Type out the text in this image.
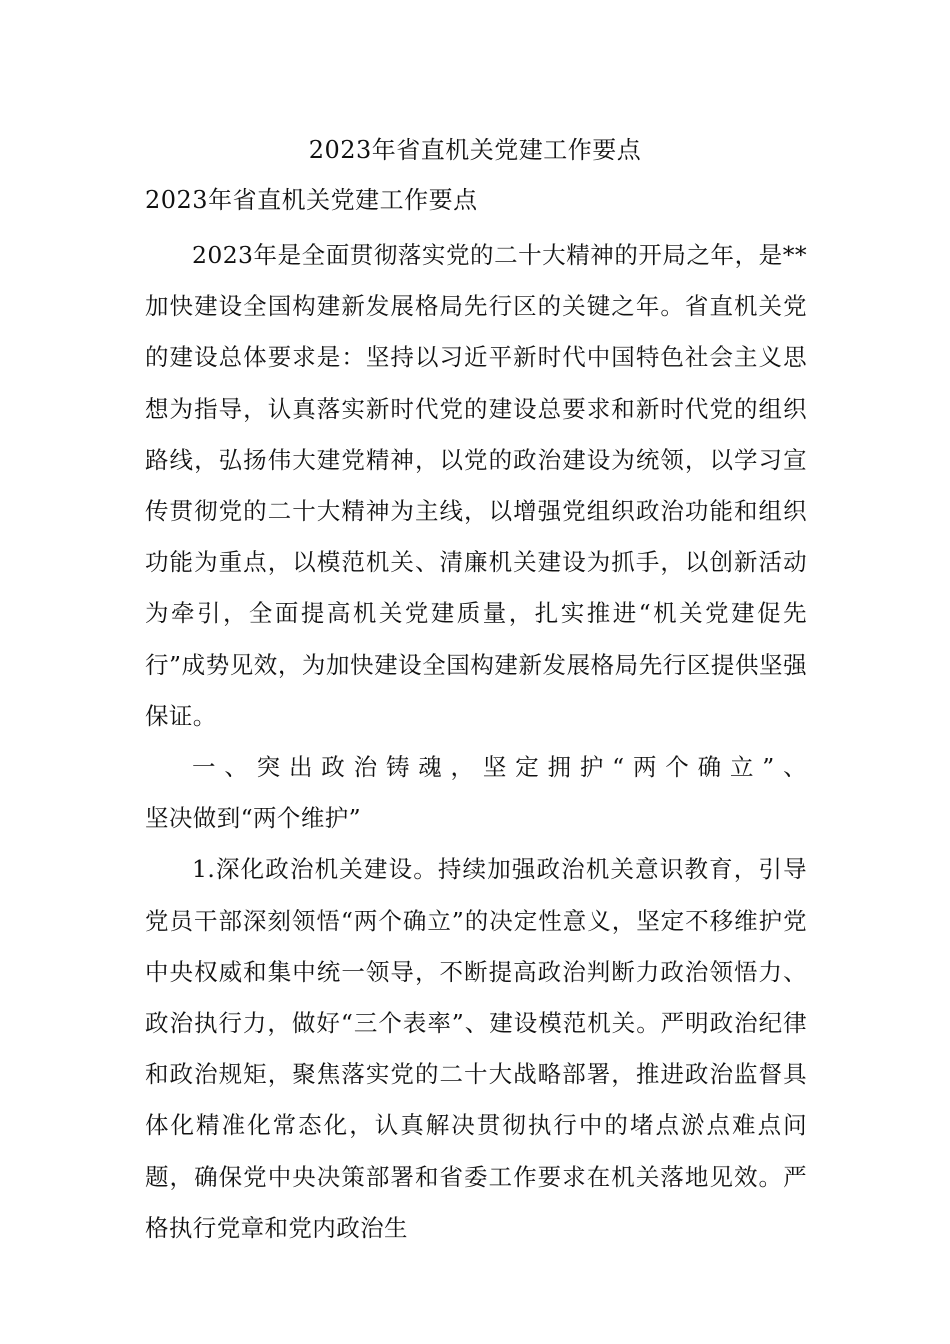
2023年省直机关党建工作要点
2023年省直机关党建工作要点

2023年是全面贯彻落实党的二十大精神的开局之年，是**加快建设全国构建新发展格局先行区的关键之年。省直机关党的建设总体要求是：坚持以习近平新时代中国特色社会主义思想为指导，认真落实新时代党的建设总要求和新时代党的组织路线，弘扬伟大建党精神，以党的政治建设为统领，以学习宣传贯彻党的二十大精神为主线，以增强党组织政治功能和组织功能为重点，以模范机关、清廉机关建设为抓手，以创新活动为牵引，全面提高机关党建质量，扎实推进“机关党建促先行”成势见效，为加快建设全国构建新发展格局先行区提供坚强保证。

一、突出政治铸魂，坚定拥护“两个确立”、坚决做到“两个维护”

1.深化政治机关建设。持续加强政治机关意识教育，引导党员干部深刻领悟“两个确立”的决定性意义，坚定不移维护党中央权威和集中统一领导，不断提高政治判断力政治领悟力、政治执行力，做好“三个表率”、建设模范机关。严明政治纪律和政治规矩，聚焦落实党的二十大战略部署，推进政治监督具体化精准化常态化，认真解决贯彻执行中的堵点淤点难点问题，确保党中央决策部署和省委工作要求在机关落地见效。严格执行党章和党内政治生
